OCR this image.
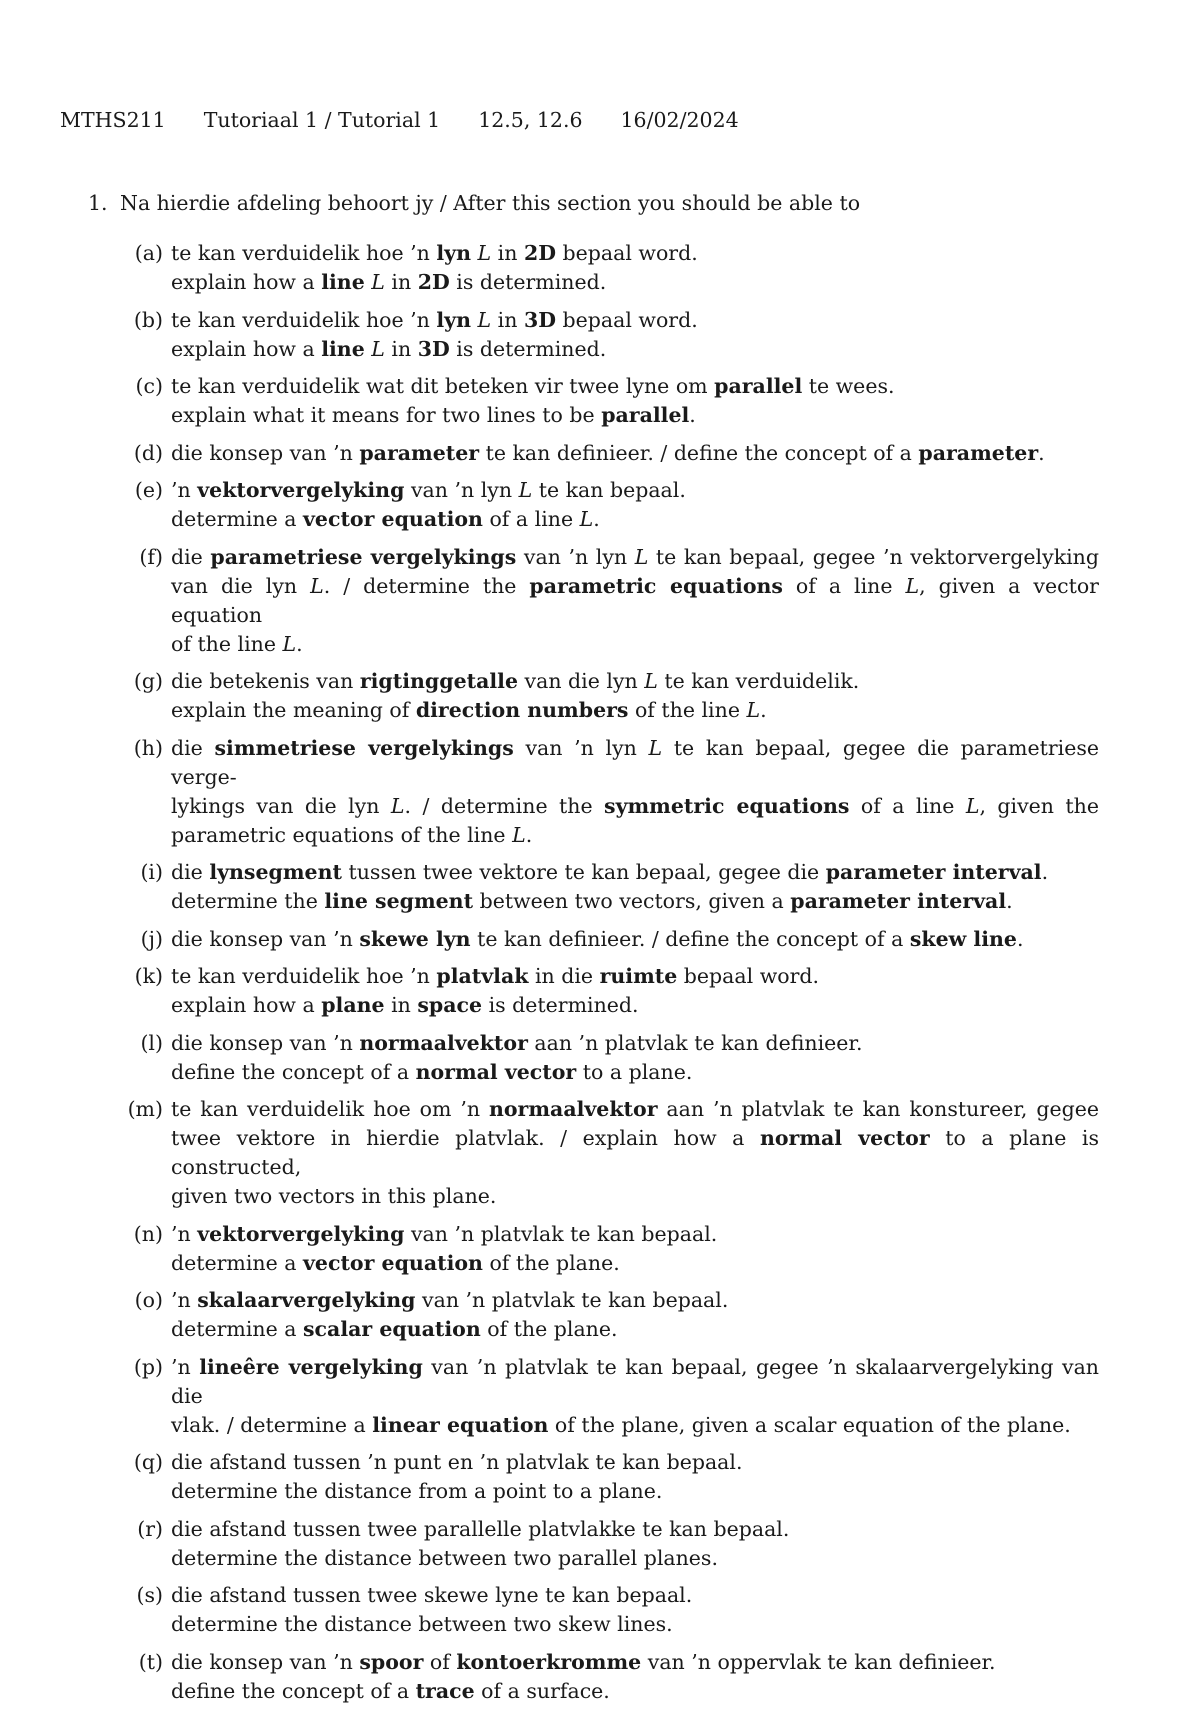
MTHS211 Tutoriaal 1 / Tutorial 1 12.5, 12.6 16/02/2024
1. Na hierdie afdeling behoort jy / After this section you should be able to
(a) te kan verduidelik hoe ’n lyn L in 2D bepaal word.
explain how a line L in 2D is determined.
(b) te kan verduidelik hoe ’n lyn L in 3D bepaal word.
explain how a line L in 3D is determined.
(c) te kan verduidelik wat dit beteken vir twee lyne om parallel te wees.
explain what it means for two lines to be parallel.
(d) die konsep van ’n parameter te kan definieer. / define the concept of a parameter.
(e) ’n vektorvergelyking van ’n lyn L te kan bepaal.
determine a vector equation of a line L.
(f) die parametriese vergelykings van ’n lyn L te kan bepaal, gegee ’n vektorvergelyking
van die lyn L. / determine the parametric equations of a line L, given a vector equation
of the line L.
(g) die betekenis van rigtinggetalle van die lyn L te kan verduidelik.
explain the meaning of direction numbers of the line L.
(h) die simmetriese vergelykings van ’n lyn L te kan bepaal, gegee die parametriese verge-
lykings van die lyn L. / determine the symmetric equations of a line L, given the
parametric equations of the line L.
(i) die lynsegment tussen twee vektore te kan bepaal, gegee die parameter interval.
determine the line segment between two vectors, given a parameter interval.
(j) die konsep van ’n skewe lyn te kan definieer. / define the concept of a skew line.
(k) te kan verduidelik hoe ’n platvlak in die ruimte bepaal word.
explain how a plane in space is determined.
(l) die konsep van ’n normaalvektor aan ’n platvlak te kan definieer.
define the concept of a normal vector to a plane.
(m) te kan verduidelik hoe om ’n normaalvektor aan ’n platvlak te kan konstureer, gegee
twee vektore in hierdie platvlak. / explain how a normal vector to a plane is constructed,
given two vectors in this plane.
(n) ’n vektorvergelyking van ’n platvlak te kan bepaal.
determine a vector equation of the plane.
(o) ’n skalaarvergelyking van ’n platvlak te kan bepaal.
determine a scalar equation of the plane.
(p) ’n lineêre vergelyking van ’n platvlak te kan bepaal, gegee ’n skalaarvergelyking van die
vlak. / determine a linear equation of the plane, given a scalar equation of the plane.
(q) die afstand tussen ’n punt en ’n platvlak te kan bepaal.
determine the distance from a point to a plane.
(r) die afstand tussen twee parallelle platvlakke te kan bepaal.
determine the distance between two parallel planes.
(s) die afstand tussen twee skewe lyne te kan bepaal.
determine the distance between two skew lines.
(t) die konsep van ’n spoor of kontoerkromme van ’n oppervlak te kan definieer.
define the concept of a trace of a surface.
